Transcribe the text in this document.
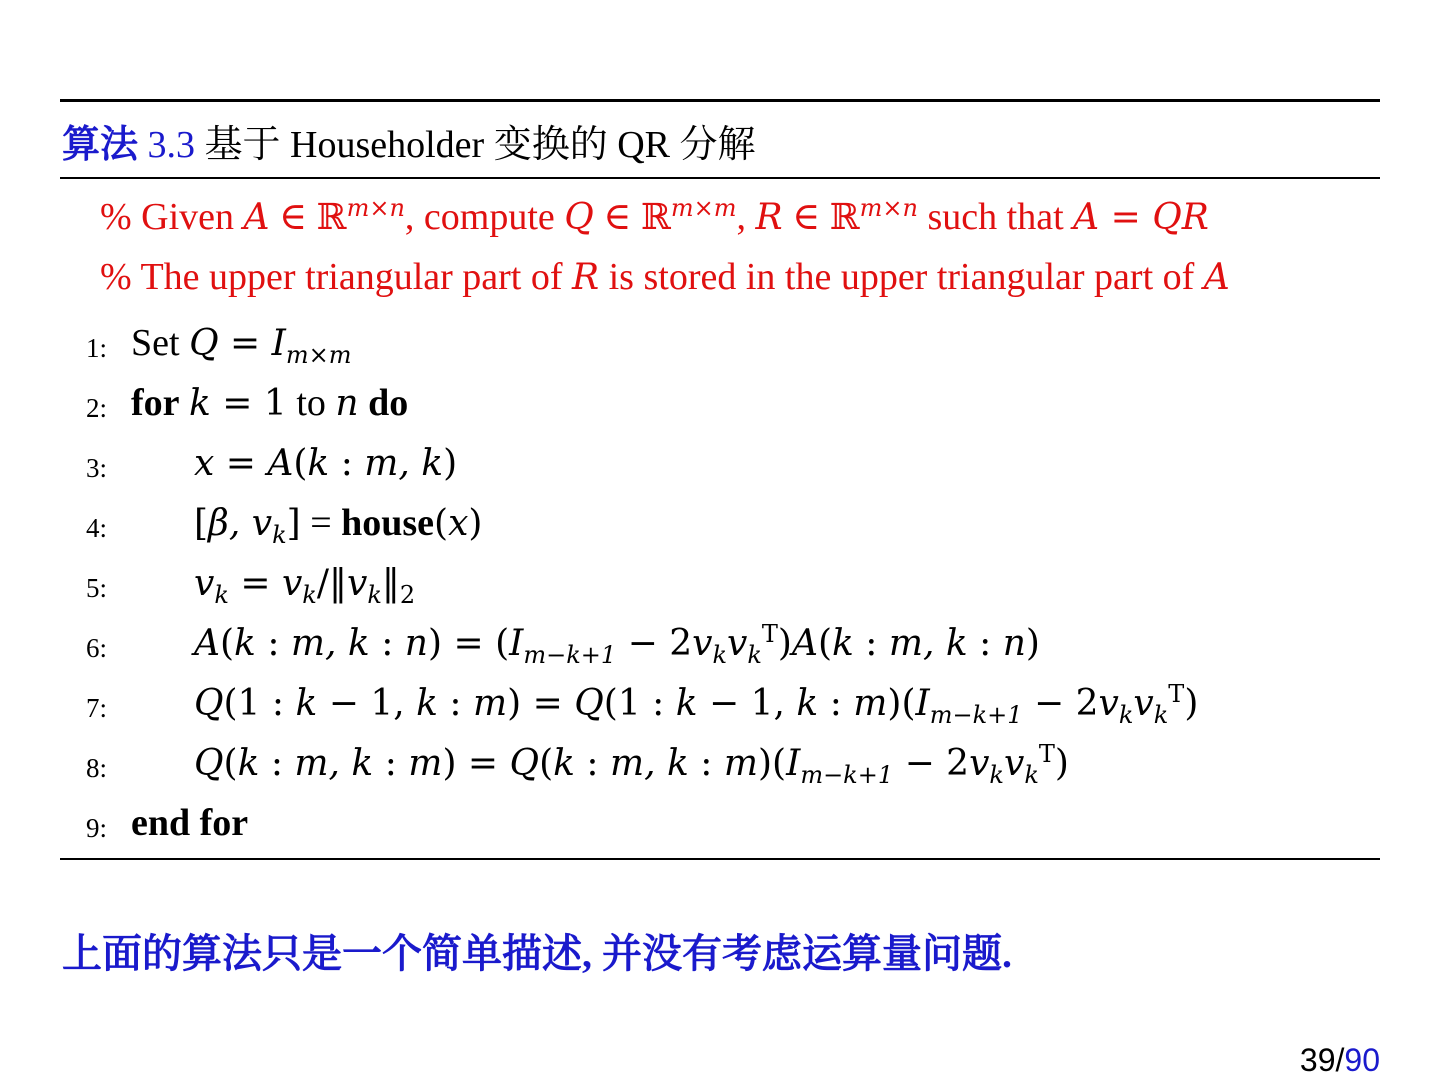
算法 3.3 基于 Householder 变换的 QR 分解
% Given A ∈ ℝ$^{m\times n}$, compute Q ∈ ℝ$^{m\times m}$, R ∈ ℝ$^{m\times n}$ such that A = QR
% The upper triangular part of R is stored in the upper triangular part of A
1: Set $Q = I_{m\times m}$
2: for k = 1 to n do
3: x = A(k : m, k)
4: [β, $v_k$] = house(x)
5: $v_k$ = $v_k/‖v_k‖_2$
6: A(k : m, k : $n) = (I_{m-k+1} - 2v_kv_k^T)A(k$ : m, k : n)
7: Q(1 : k − 1, k : m) = Q(1 : k − 1, k : $m)(I_{m-k+1} - 2v_kv_k^T)$
8: Q(k : m, k : m) = Q(k : m, k : $m)(I_{m-k+1} - 2v_kv_k^T)$
9: end for
上面的算法只是一个简单描述, 并没有考虑运算量问题.
39/90
